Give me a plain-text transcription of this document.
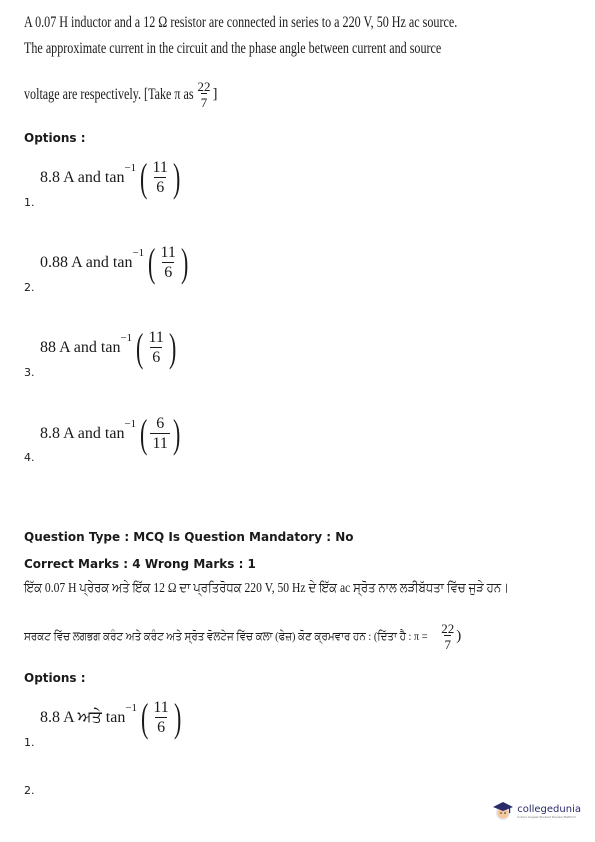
A 0.07 H inductor and a 12 Ω resistor are connected in series to a 220 V, 50 Hz ac source.
The approximate current in the circuit and the phase angle between current and source
voltage are respectively. [Take π as $\frac{22}{7}$ ]
Options :
8.8 A and tan
−1 ( $\frac{11}{6}$ )
1.
0.88 A and tan
−1 ( $\frac{11}{6}$ )
2.
88 A and tan
−1 ( $\frac{11}{6}$ )
3.
8.8 A and tan
−1 ( $\frac{6}{11}$ )
4.
Question Type : MCQ Is Question Mandatory : No
Correct Marks : 4 Wrong Marks : 1
ਇੱਕ 0.07 H ਪ੍ਰੇਰਕ ਅਤੇ ਇੱਕ 12 Ω ਦਾ ਪ੍ਰਤਿਰੋਧਕ 220 V, 50 Hz ਦੇ ਇੱਕ ac ਸ੍ਰੋਤ ਨਾਲ ਲੜੀਬੱਧਤਾ ਵਿੱਚ ਜੁੜੇ ਹਨ।
ਸਰਕਟ ਵਿੱਚ ਲਗਭਗ ਕਰੰਟ ਅਤੇ ਕਰੰਟ ਅਤੇ ਸ੍ਰੋਤ ਵੋਲਟੇਜ ਵਿੱਚ ਕਲਾ (ਫੇਜ਼) ਕੋਣ ਕ੍ਰਮਵਾਰ ਹਨ : (ਦਿੱਤਾ ਹੈ : $\pi = \frac{22}{7}$ )
Options :
8.8 A ਅਤੇ tan
−1 ( $\frac{11}{6}$ )
1.
2.
collegedunia
India's largest Student Review Platform
